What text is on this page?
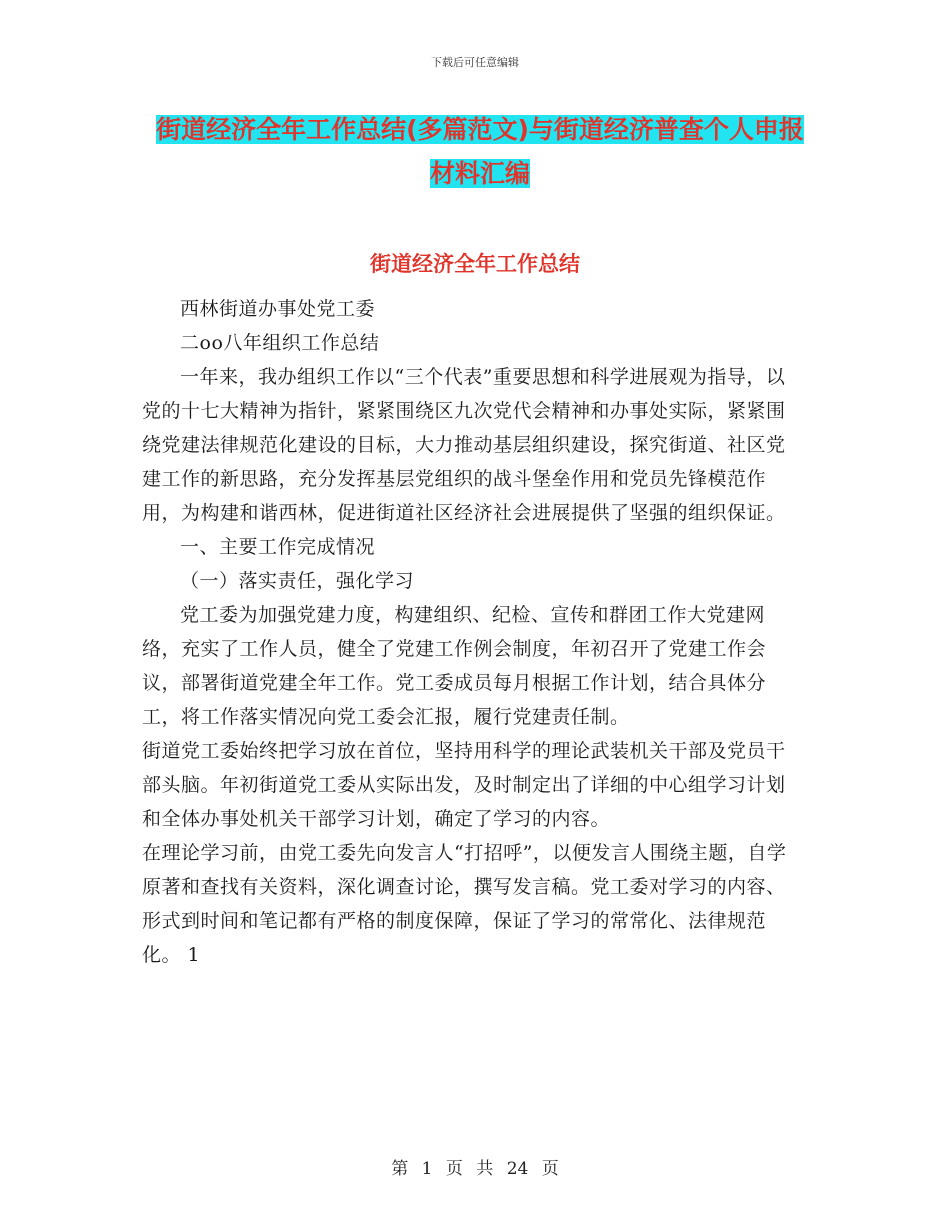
下载后可任意编辑
街道经济全年工作总结(多篇范文)与街道经济普查个人申报材料汇编
街道经济全年工作总结

西林街道办事处党工委

二oo八年组织工作总结

一年来，我办组织工作以“三个代表”重要思想和科学进展观为指导，以党的十七大精神为指针，紧紧围绕区九次党代会精神和办事处实际，紧紧围绕党建法律规范化建设的目标，大力推动基层组织建设，探究街道、社区党建工作的新思路，充分发挥基层党组织的战斗堡垒作用和党员先锋模范作用，为构建和谐西林，促进街道社区经济社会进展提供了坚强的组织保证。

一、主要工作完成情况

（一）落实责任，强化学习

党工委为加强党建力度，构建组织、纪检、宣传和群团工作大党建网络，充实了工作人员，健全了党建工作例会制度，年初召开了党建工作会议，部署街道党建全年工作。党工委成员每月根据工作计划，结合具体分工，将工作落实情况向党工委会汇报，履行党建责任制。

街道党工委始终把学习放在首位，坚持用科学的理论武装机关干部及党员干部头脑。年初街道党工委从实际出发，及时制定出了详细的中心组学习计划和全体办事处机关干部学习计划，确定了学习的内容。

在理论学习前，由党工委先向发言人“打招呼”，以便发言人围绕主题，自学原著和查找有关资料，深化调查讨论，撰写发言稿。党工委对学习的内容、形式到时间和笔记都有严格的制度保障，保证了学习的常常化、法律规范化。 1

第 1 页 共 24 页
